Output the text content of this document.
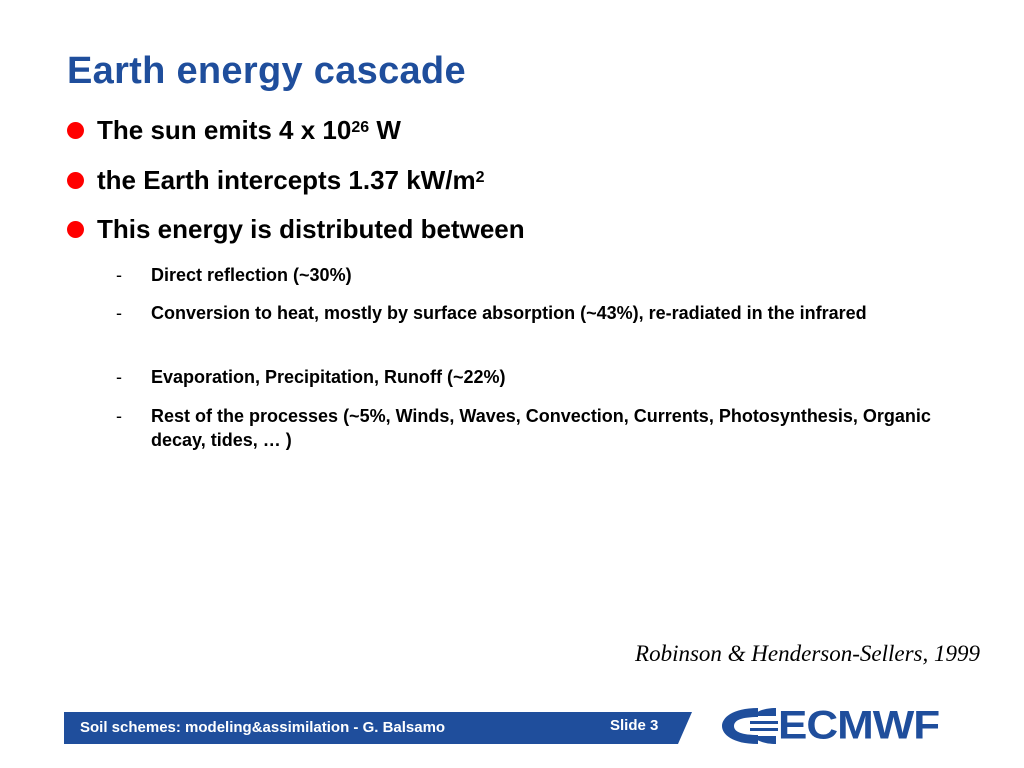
Earth energy cascade
The sun emits 4 x $10^{26}$ W
the Earth intercepts 1.37 $kW/m^2$
This energy is distributed between
- Direct reflection (~30%)
- Conversion to heat, mostly by surface absorption (~43%), re-radiated in the infrared
- Evaporation, Precipitation, Runoff (~22%)
- Rest of the processes (~5%, Winds, Waves, Convection, Currents, Photosynthesis, Organic decay, tides, … )
Robinson & Henderson-Sellers, 1999
Soil schemes: modeling&assimilation - G. Balsamo	Slide 3	ECMWF
